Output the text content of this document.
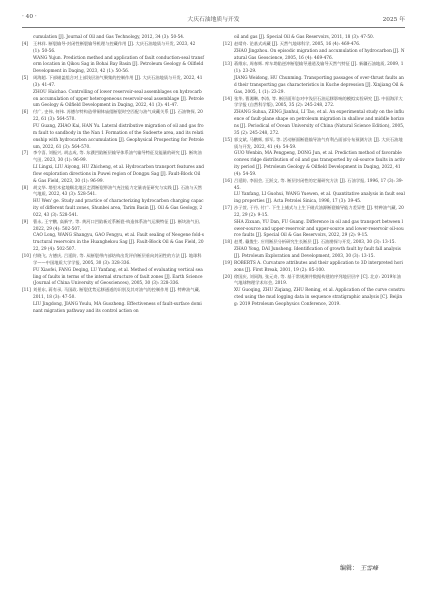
· 40 ·	大庆石油地质与开发	2025 年

cumulation [J]. Journal of Oil and Gas Technology, 2012, 34 (3): 50-54.

[4] 王林祥. 断裂输导-封闭性断裂输导机理与控藏作用 [J]. 大庆石油地质与开发, 2023, 42 (1): 50-56.

WANG Yujun. Prediction method and application of fault conduction-seal transform location in Qikou Sag in Bohai Bay Basin [J]. Petroleum Geology & Oilfield Development in Daqing, 2023, 42 (1): 50-56.

[5] 周海超. 下部储盖组合对上部浅层油气聚集的控制作用 [J]. 大庆石油地质与开发, 2022, 41 (3): 41-47.

ZHOU Haichao. Controlling of lower reservoir-seal assemblages on hydrocarbon accumulation of upper heterogeneous reservoir-seal assemblage [J]. Petroleum Geology & Oilfield Development in Daqing, 2022, 41 (3): 41-47.

[6] 付广, 史伟, 何伟. 苏德尔特构造带铜钵庙组断裂时空匹配与油气成藏关系 [J]. 石油物探, 2022, 61 (3): 564-570.

FU Guang, ZHAO Kai, HAN Yu. Lateral distributive migration of oil and gas from fault to sandbody in the Nan 1 Formation of the Sudeerte area, and its relationship with hydrocarbon accumulation [J]. Geophysical Prospecting for Petroleum, 2022, 61 (3): 564-570.

[7] 李令喜, 刘振兴, 胡志成, 等. 东濮凹陷断层输导体系油气输导特征及能量的研究 [J]. 断块油气田, 2023, 30 (1): 96-99.

LI Lingxi, LIU Aiyong, HU Zhicheng, et al. Hydrocarbon transport features and flow exploration directions in Puwei region of Dongpu Sag [J]. Fault-Block Oil & Gas Field, 2023, 30 (1): 96-99.

[8] 胡文华. 塔里木盆地顺北地区走滑断裂带油气充注能力定量表征研究与实践 [J]. 石油与天然气地质, 2022, 43 (3): 528-541.

HU Wen' ge. Study and practice of characterizing hydrocarbon charging capacity of different fault zones, Shunbei area, Tarim Basin [J]. Oil & Gas Geology, 2022, 43 (3): 528-541.

[9] 曹永, 王宇鹏, 高新宇, 等. 黄河口凹陷新近系断裂-构造体系油气运聚特征 [J]. 断块油气田, 2022, 29 (4): 502-507.

CAO Long, WANG Shangyu, GAO Fengyu, et al. Fault sealing of Neogene fold-structural reservoirs in the Huanghekou Sag [J]. Fault-Block Oil & Gas Field, 2022, 29 (4): 502-507.

[10] 付晓飞, 方德庆, 吕延防, 等. 从断裂带内部结构出发评价断层垂向封闭性的方法 [J]. 地球科学——中国地质大学学报, 2005, 30 (3): 328-336.

FU Xiaofei, FANG Deqing, LU Yanfang, et al. Method of evaluating vertical sealing of faults in terms of the internal structure of fault zones [J]. Earth Science (Journal of China University of Geosciences), 2005, 30 (3): 328-336.

[11] 刘景东, 蒋有录, 马国政. 断裂优势运移通道的识别及其对油气的控制作用 [J]. 特种油气藏, 2011, 18 (3): 47-50.

LIU Jingdong, JIANG Youlu, MA Guozheng. Effectiveness of fault-surface dominant migration pathway and its control action on

oil and gas [J]. Special Oil & Gas Reservoirs, 2011, 18 (3): 47-50.

[12] 赵靖舟. 论基式成藏 [J]. 天然气地球科学, 2005, 16 (4): 469-476.

ZHAO Jingzhou. On episodic migration and accumulation of hydrocarbon [J]. Natural Gas Geoscience, 2005, 16 (4): 469-476.

[13] 蒋维东, 周春辉. 库车坳陷逆冲断裂输导通道及输导天然气特征 [J]. 新疆石油地质, 2009, 1 (1): 23-29.

JIANG Weidong, HU Chunming. Transporting passages of over-thrust faults and their transporting gas characteristics in Kuche depression [J]. Xinjiang Oil & Gas, 2005, 1 (1): 23-29.

[14] 张华, 曹湘琳, 李涛, 等. 断层面形态对中浅层石油运移影响的模拟实验研究 [J]. 中国海洋大学学报 (自然科学版), 2005, 35 (2): 245-248, 272.

ZHANG Suhua, ZENG Jianhui, LI Tao, et al. An experimental study on the influence of fault-plane shape on petroleum migration in shallow and middle horizons [J]. Periodical of Ocean University of China (Natural Science Edition), 2005, 35 (2): 245-248, 272.

[15] 郭文斌, 马鹏辉, 郭军, 等. 活动断面断裂输导油气有利凸面部分布预测方法 [J]. 大庆石油地质与开发, 2022, 41 (4): 54-59.

GUO Wenbin, MA Pengpeng, DONG Jun, et al. Prediction method of favorable convex ridge distribution of oil and gas transported by oil-source faults in activity period [J]. Petroleum Geology & Oilfield Development in Daqing, 2022, 41 (4): 54-59.

[16] 吕延防, 李国会, 王跃文, 等. 断层封闭性的定量研究方法 [J]. 石油学报, 1996, 17 (3): 39-45.

LU Yanfang, LI Guohui, WANG Yuewen, et al. Quantitative analysis in fault sealing properties [J]. Acta Petrolei Sinica, 1996, 17 (3): 39-45.

[17] 沙子萱, 于丹, 付广. 下生上储式与上生下储式油源断裂输导能力差异性 [J]. 特种油气藏, 2022, 29 (2): 9-15.

SHA Zixuan, YU Dan, FU Guang. Difference in oil and gas transport between lower-source and upper-reservoir and upper-source and lower-reservoir oil-source faults [J]. Special Oil & Gas Reservoirs, 2022, 29 (2): 9-15.

[18] 赵勇, 戴俊生. 应用断层分析研究生长断层 [J]. 石油勘探与开发, 2003, 30 (3): 13-15.

ZHAO Yong, DAI Junsheng. Identification of growth fault by fault fall analysis [J]. Petroleum Exploration and Development, 2003, 30 (3): 13-15.

[19] ROBERTS A. Curvature attributes and their application to 3D interpreted horizons [J]. First Break, 2001, 19 (2): 85-100.

[20] 徐国庆, 刘同海, 张元奇, 等. 基于常规测井数据构建的序列地层层序 [C]. 北京: 2019年油气地球物理学术年会, 2019.

XU Guoqing, ZHU Ziqiang, ZHU Rening, et al. Application of the curve constructed using the mud logging data in sequence stratigraphic analysis [C]. Beijing: 2019 Petroleum Geophysics Conference, 2019.

编辑： 王雪峰
